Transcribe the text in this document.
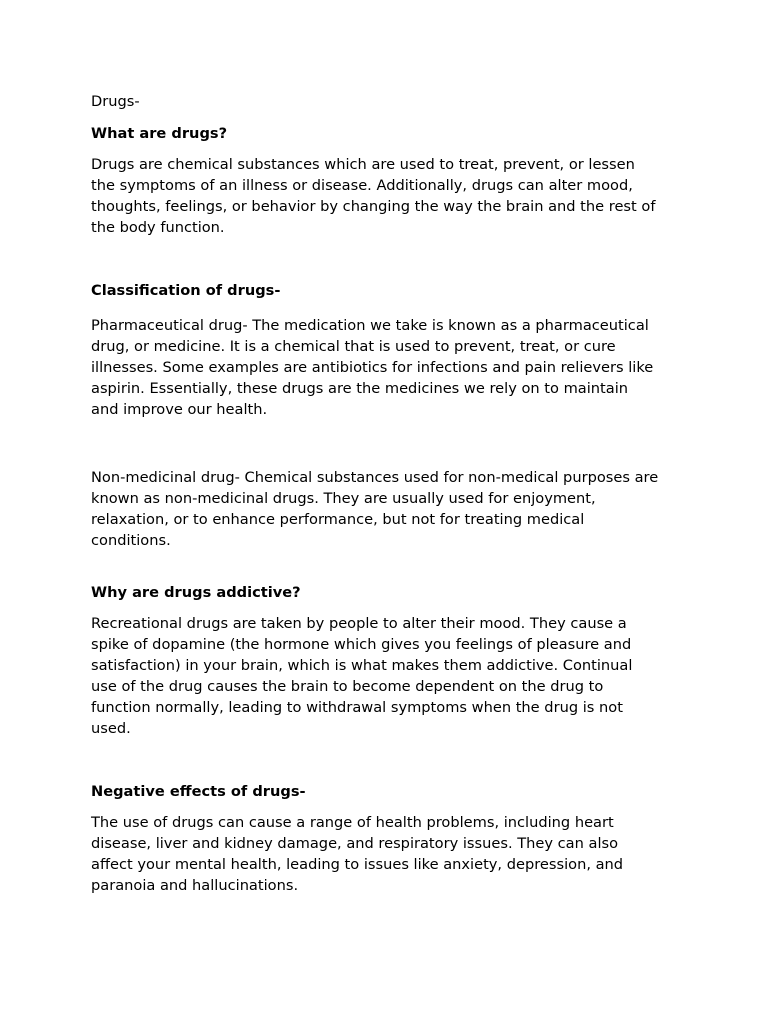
Drugs-

What are drugs?

Drugs are chemical substances which are used to treat, prevent, or lessen
the symptoms of an illness or disease. Additionally, drugs can alter mood,
thoughts, feelings, or behavior by changing the way the brain and the rest of
the body function.

Classification of drugs-

Pharmaceutical drug- The medication we take is known as a pharmaceutical
drug, or medicine. It is a chemical that is used to prevent, treat, or cure
illnesses. Some examples are antibiotics for infections and pain relievers like
aspirin. Essentially, these drugs are the medicines we rely on to maintain
and improve our health.
Non-medicinal drug- Chemical substances used for non-medical purposes are
known as non-medicinal drugs. They are usually used for enjoyment,
relaxation, or to enhance performance, but not for treating medical
conditions.

Why are drugs addictive?

Recreational drugs are taken by people to alter their mood. They cause a
spike of dopamine (the hormone which gives you feelings of pleasure and
satisfaction) in your brain, which is what makes them addictive. Continual
use of the drug causes the brain to become dependent on the drug to
function normally, leading to withdrawal symptoms when the drug is not
used.

Negative effects of drugs-

The use of drugs can cause a range of health problems, including heart
disease, liver and kidney damage, and respiratory issues. They can also
affect your mental health, leading to issues like anxiety, depression, and
paranoia and hallucinations.
